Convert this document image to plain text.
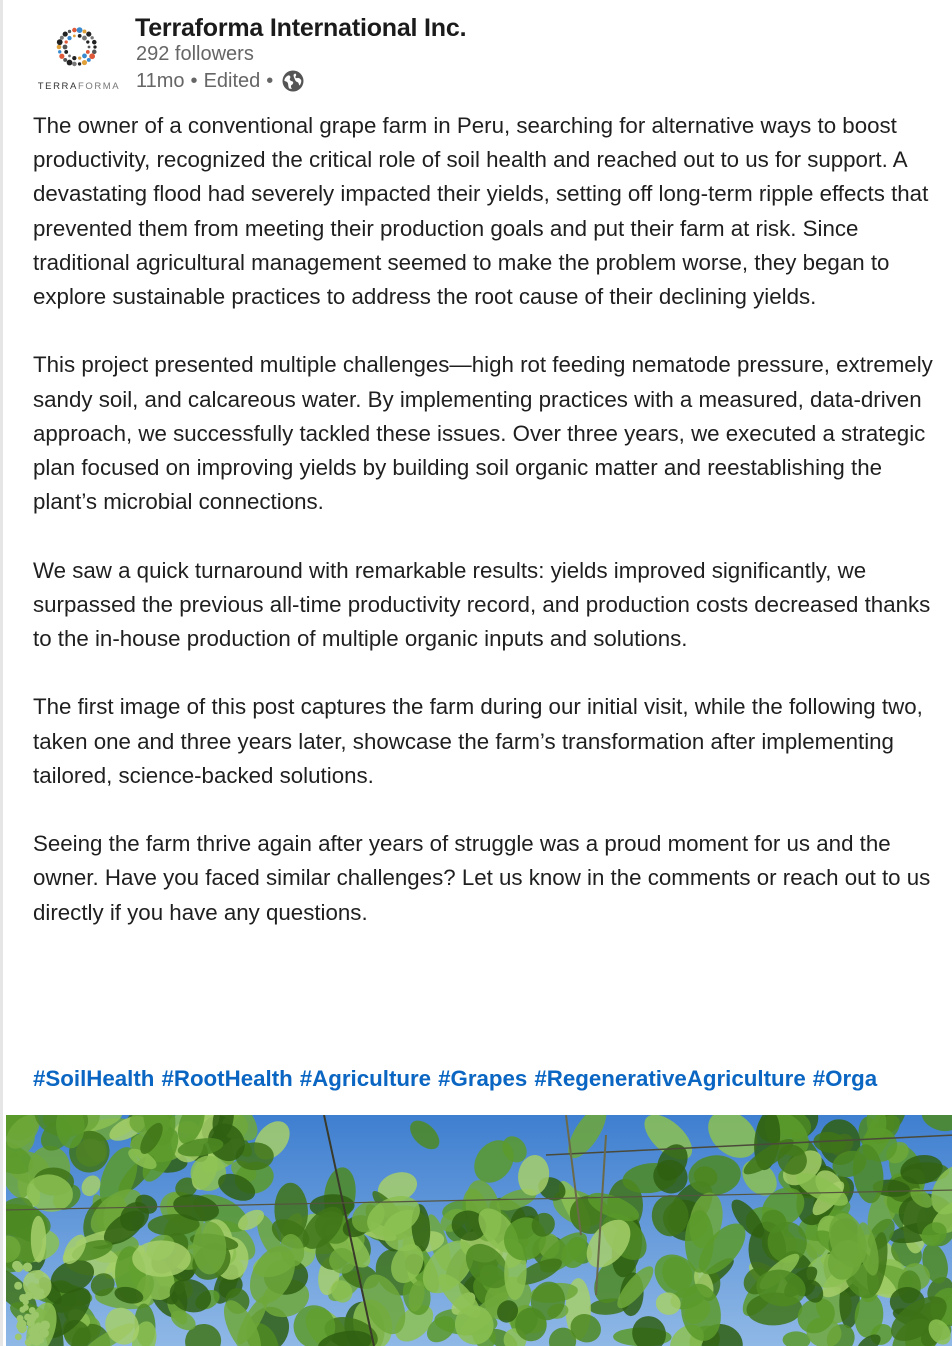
TERRAFORMA
Terraforma International Inc.
292 followers
11mo • Edited •

The owner of a conventional grape farm in Peru, searching for alternative ways to boost productivity, recognized the critical role of soil health and reached out to us for support. A devastating flood had severely impacted their yields, setting off long-term ripple effects that prevented them from meeting their production goals and put their farm at risk. Since traditional agricultural management seemed to make the problem worse, they began to explore sustainable practices to address the root cause of their declining yields.

This project presented multiple challenges—high rot feeding nematode pressure, extremely sandy soil, and calcareous water. By implementing practices with a measured, data-driven approach, we successfully tackled these issues. Over three years, we executed a strategic plan focused on improving yields by building soil organic matter and reestablishing the plant’s microbial connections.

We saw a quick turnaround with remarkable results: yields improved significantly, we surpassed the previous all-time productivity record, and production costs decreased thanks to the in-house production of multiple organic inputs and solutions.

The first image of this post captures the farm during our initial visit, while the following two, taken one and three years later, showcase the farm’s transformation after implementing tailored, science-backed solutions.

Seeing the farm thrive again after years of struggle was a proud moment for us and the owner. Have you faced similar challenges? Let us know in the comments or reach out to us directly if you have any questions.

#SoilHealth #RootHealth #Agriculture #Grapes #RegenerativeAgriculture #Orga
